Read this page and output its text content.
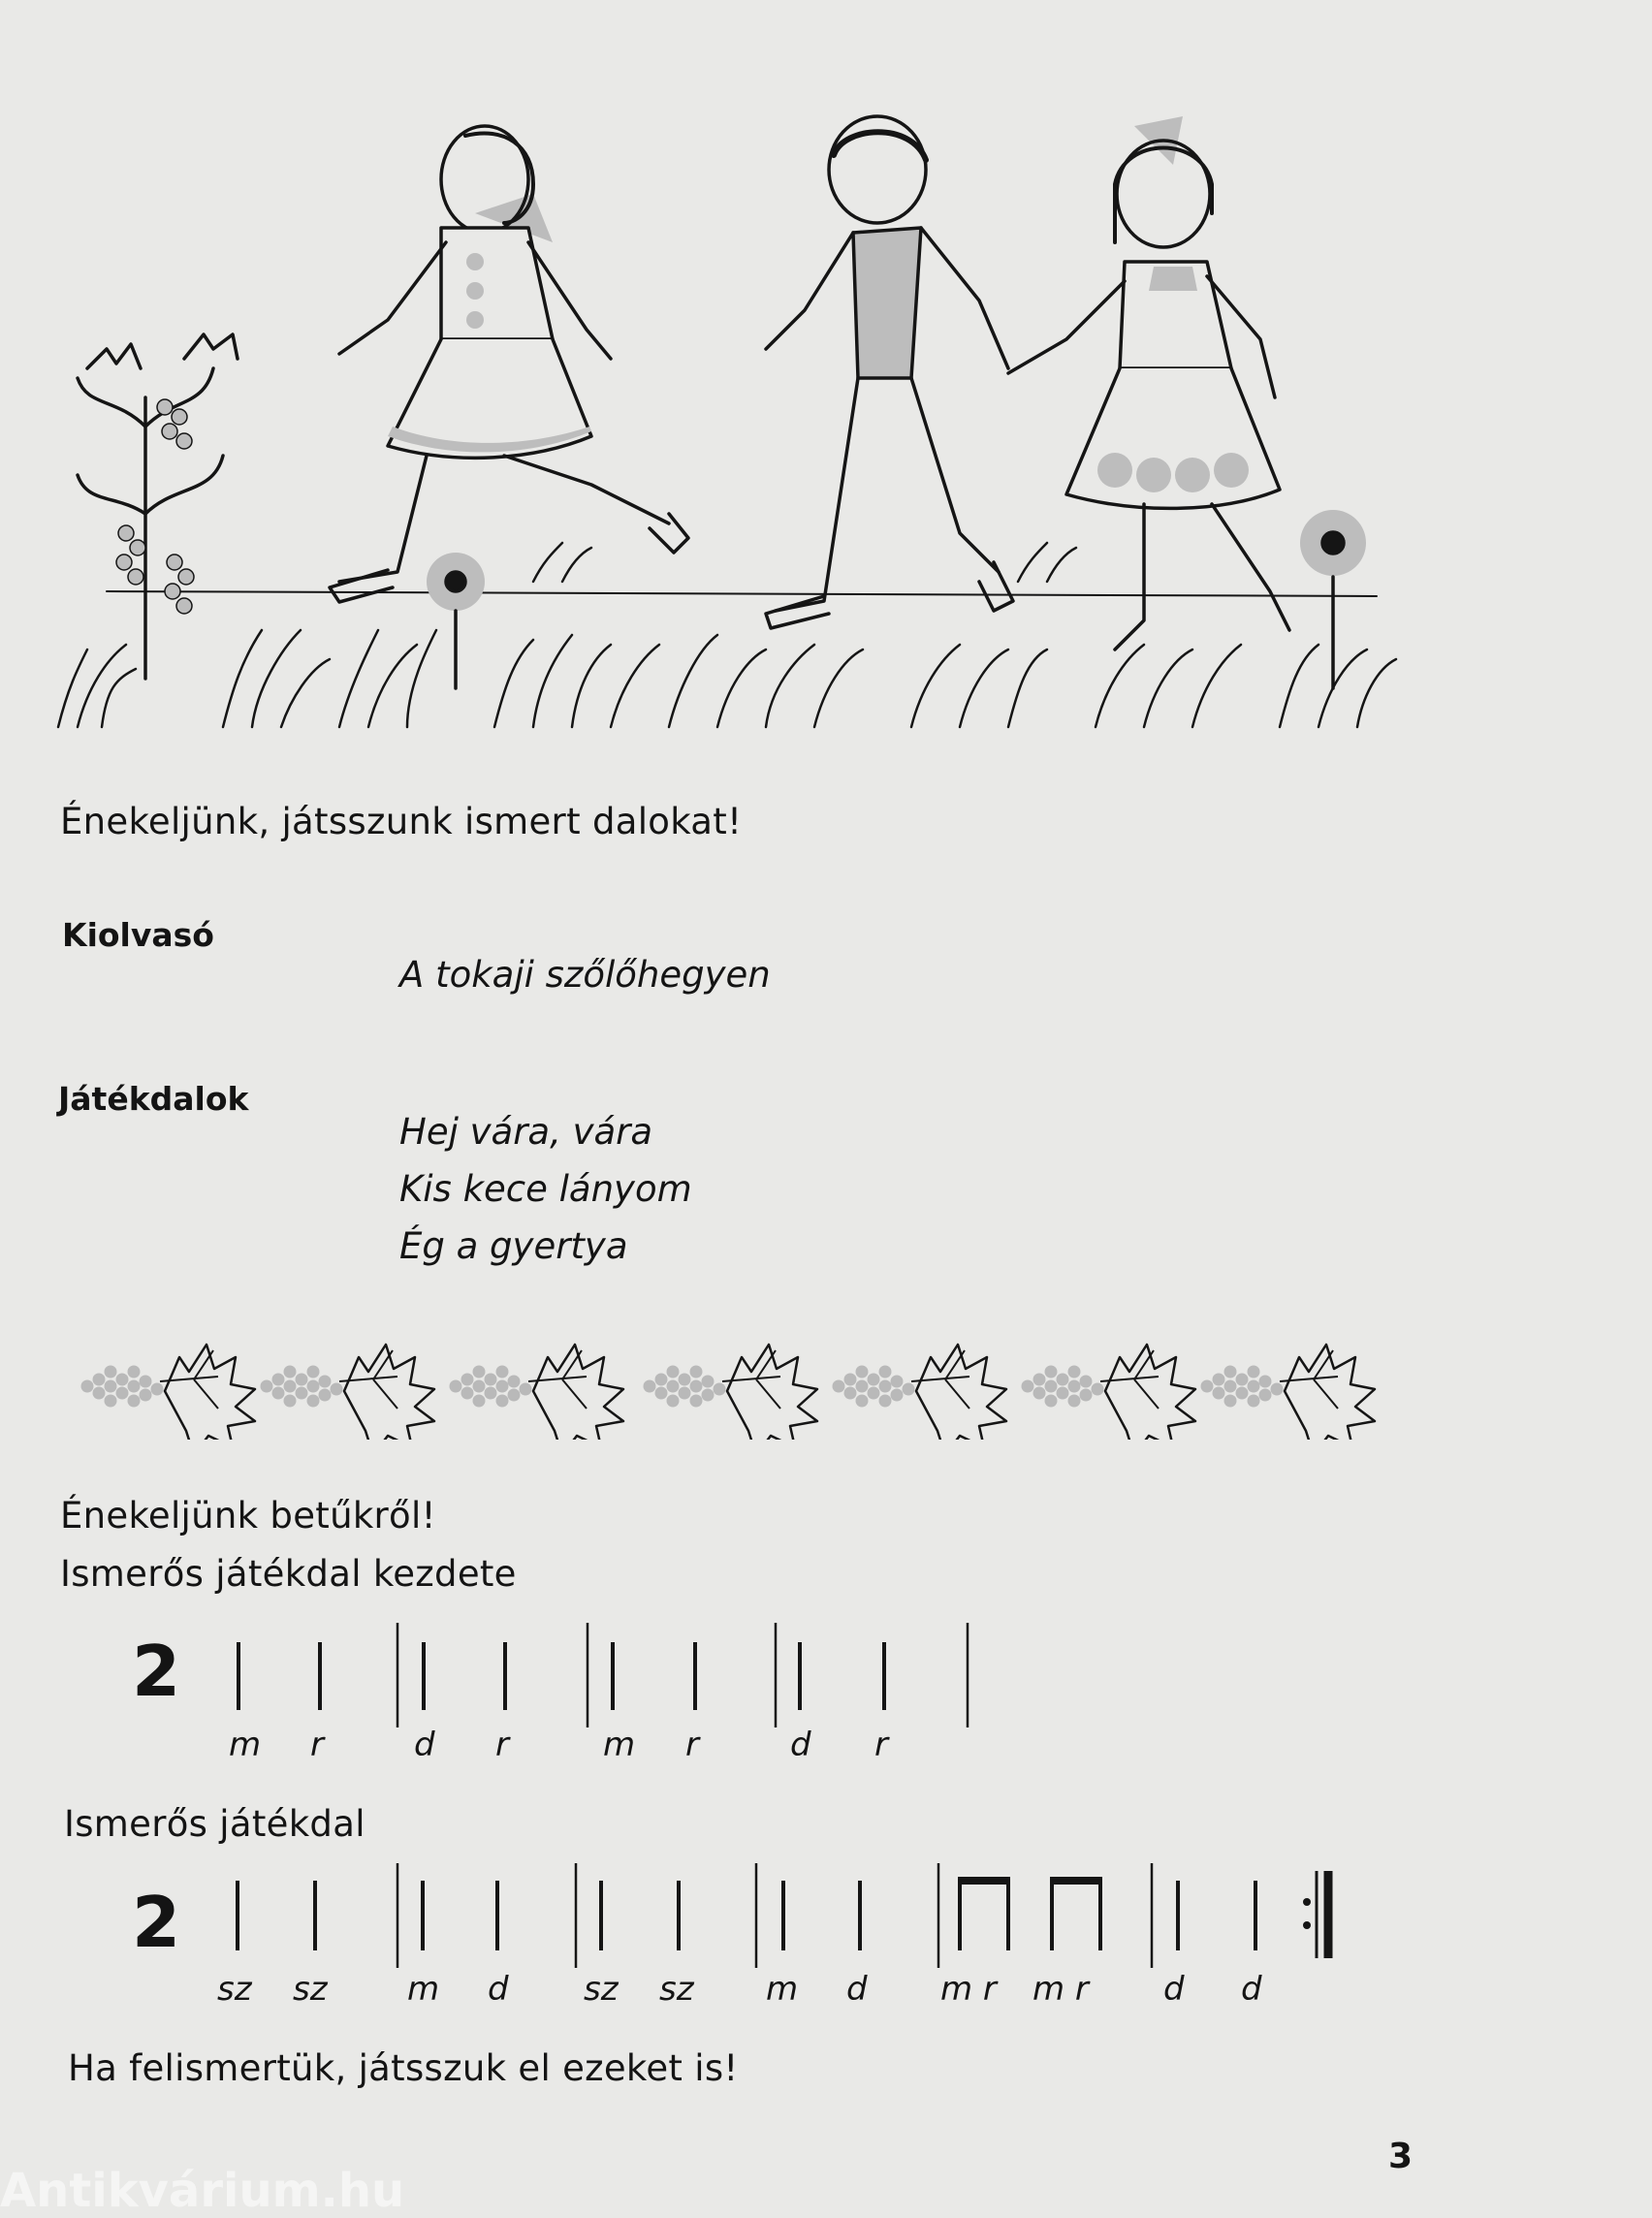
Énekeljünk, játsszunk ismert dalokat!
Kiolvasó
A tokaji szőlőhegyen
Játékdalok
Hej vára, vára
Kis kece lányom
Ég a gyertya
Énekeljünk betűkről!
Ismerős játékdal kezdete
2
m r	d r	m r	d r
Ismerős játékdal
2
sz sz m d sz sz m d m r m r d d
Ha felismertük, játsszuk el ezeket is!
3
Antikvárium.hu
